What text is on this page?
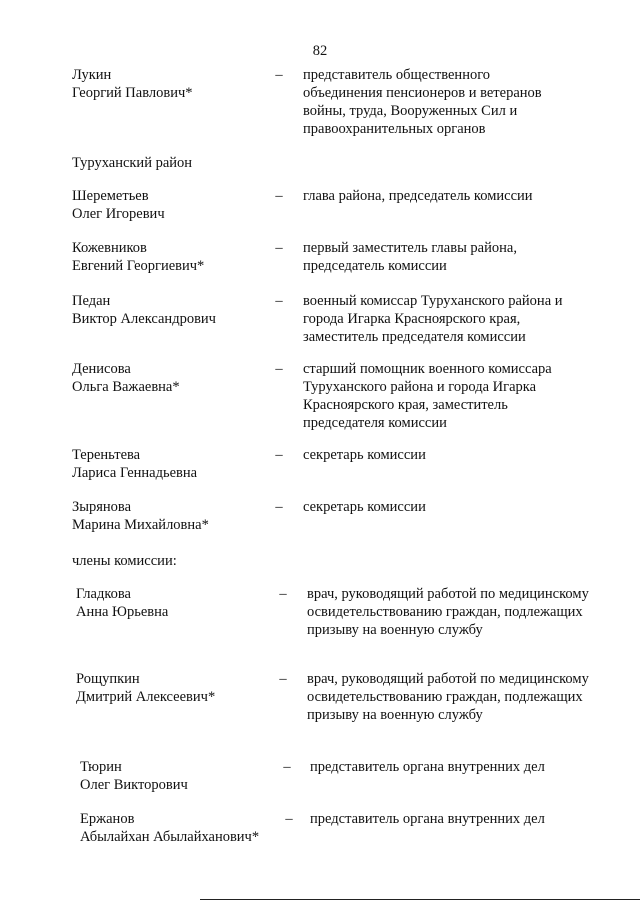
82
Лукин
Георгий Павлович*
– представитель общественного объединения пенсионеров и ветеранов войны, труда, Вооруженных Сил и правоохранительных органов
Туруханский район
Шереметьев
Олег Игоревич
– глава района, председатель комиссии
Кожевников
Евгений Георгиевич*
– первый заместитель главы района, председатель комиссии
Педан
Виктор Александрович
– военный комиссар Туруханского района и города Игарка Красноярского края, заместитель председателя комиссии
Денисова
Ольга Важаевна*
– старший помощник военного комиссара Туруханского района и города Игарка Красноярского края, заместитель председателя комиссии
Тереньтева
Лариса Геннадьевна
– секретарь комиссии
Зырянова
Марина Михайловна*
– секретарь комиссии
члены комиссии:
Гладкова
Анна Юрьевна
– врач, руководящий работой по медицинскому освидетельствованию граждан, подлежащих призыву на военную службу
Рощупкин
Дмитрий Алексеевич*
– врач, руководящий работой по медицинскому освидетельствованию граждан, подлежащих призыву на военную службу
Тюрин
Олег Викторович
– представитель органа внутренних дел
Ержанов
Абылайхан Абылайханович*
– представитель органа внутренних дел
